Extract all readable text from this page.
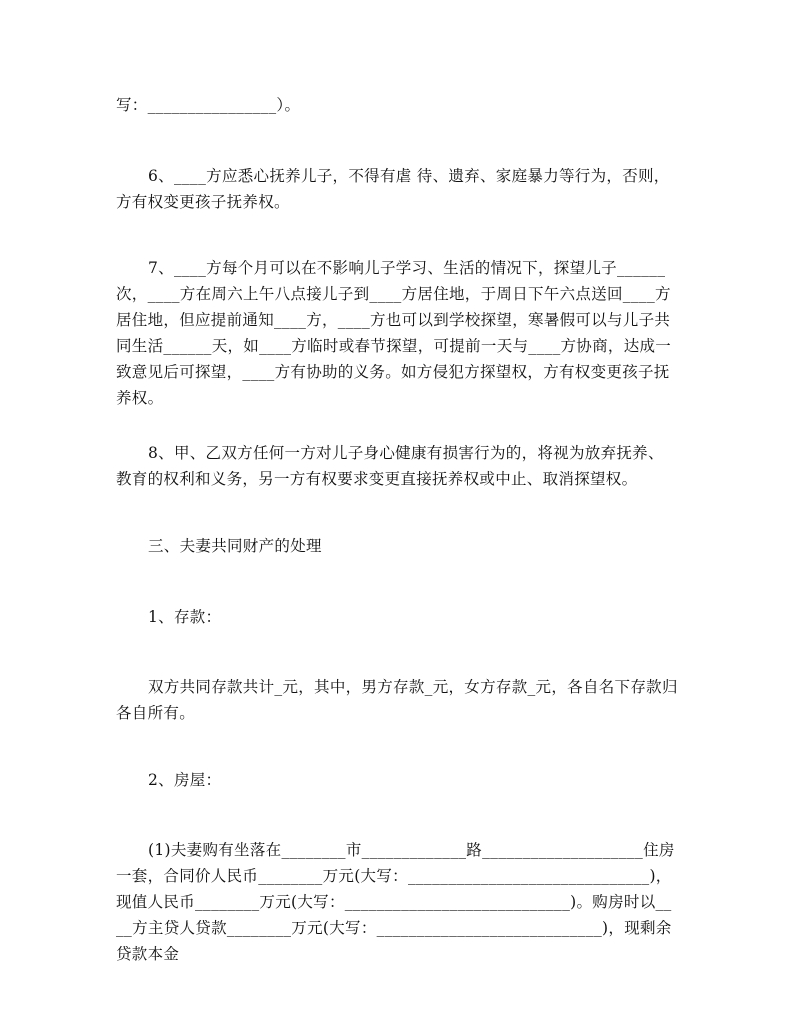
写：________________）。

6、____方应悉心抚养儿子，不得有虐 待、遗弃、家庭暴力等行为，否则，方有权变更孩子抚养权。

7、____方每个月可以在不影响儿子学习、生活的情况下，探望儿子______次，____方在周六上午八点接儿子到____方居住地，于周日下午六点送回____方居住地，但应提前通知____方，____方也可以到学校探望，寒暑假可以与儿子共同生活______天，如____方临时或春节探望，可提前一天与____方协商，达成一致意见后可探望，____方有协助的义务。如方侵犯方探望权，方有权变更孩子抚养权。

8、甲、乙双方任何一方对儿子身心健康有损害行为的，将视为放弃抚养、教育的权利和义务，另一方有权要求变更直接抚养权或中止、取消探望权。

三、夫妻共同财产的处理

1、存款：

双方共同存款共计_元，其中，男方存款_元，女方存款_元，各自名下存款归各自所有。

2、房屋：

(1)夫妻购有坐落在________市_____________路____________________住房一套，合同价人民币________万元(大写：______________________________)，现值人民币________万元(大写：____________________________)。购房时以____方主贷人贷款________万元(大写：____________________________)，现剩余贷款本金
